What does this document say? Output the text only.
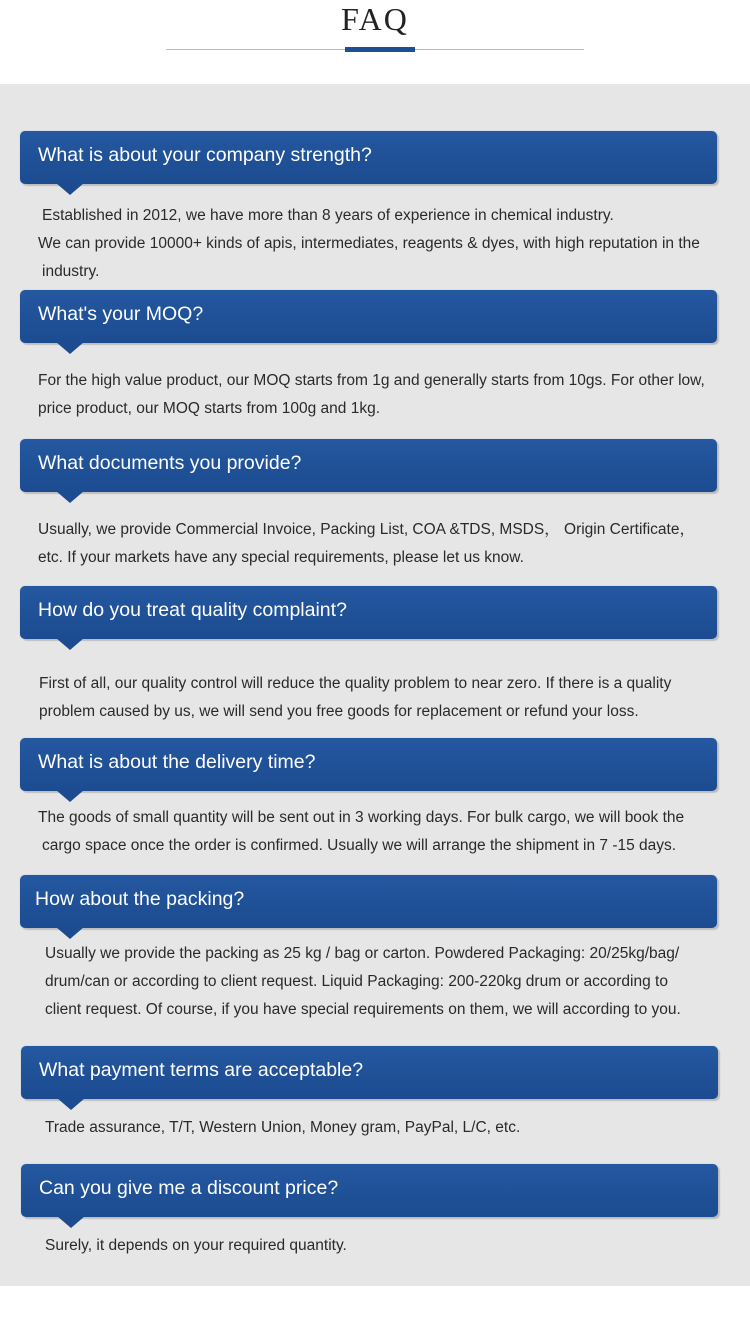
FAQ
What is about your company strength?
Established in 2012, we have more than 8 years of experience in chemical industry.
We can provide 10000+ kinds of apis, intermediates, reagents & dyes, with high reputation in the
industry.
What's your MOQ?
For the high value product, our MOQ starts from 1g and generally starts from 10gs. For other low,
price product, our MOQ starts from 100g and 1kg.
What documents you provide?
Usually, we provide Commercial Invoice, Packing List, COA &TDS, MSDS， Origin Certificate，
etc. If your markets have any special requirements, please let us know.
How do you treat quality complaint?
First of all, our quality control will reduce the quality problem to near zero. If there is a quality
problem caused by us, we will send you free goods for replacement or refund your loss.
What is about the delivery time?
The goods of small quantity will be sent out in 3 working days. For bulk cargo, we will book the
cargo space once the order is confirmed. Usually we will arrange the shipment in 7 -15 days.
How about the packing?
Usually we provide the packing as 25 kg / bag or carton. Powdered Packaging: 20/25kg/bag/
drum/can or according to client request. Liquid Packaging: 200-220kg drum or according to
client request. Of course, if you have special requirements on them, we will according to you.
What payment terms are acceptable?
Trade assurance, T/T, Western Union, Money gram, PayPal, L/C, etc.
Can you give me a discount price?
Surely, it depends on your required quantity.
